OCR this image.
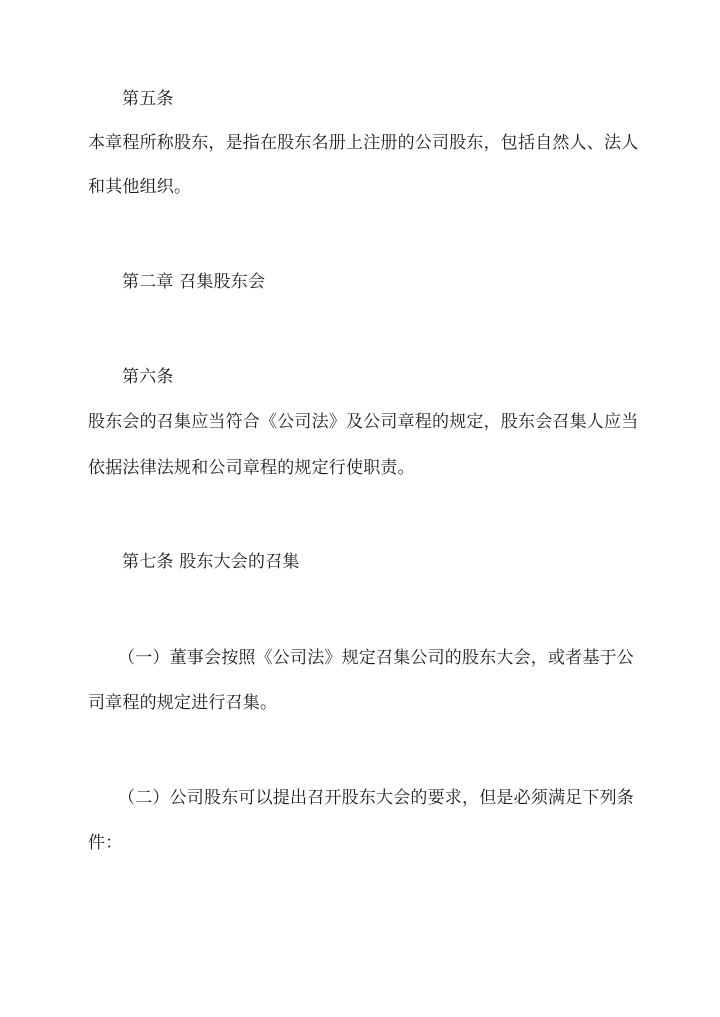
第五条
本章程所称股东，是指在股东名册上注册的公司股东，包括自然人、法人
和其他组织。
第二章 召集股东会
第六条
股东会的召集应当符合《公司法》及公司章程的规定，股东会召集人应当
依据法律法规和公司章程的规定行使职责。
第七条 股东大会的召集
（一）董事会按照《公司法》规定召集公司的股东大会，或者基于公
司章程的规定进行召集。
（二）公司股东可以提出召开股东大会的要求，但是必须满足下列条
件：
